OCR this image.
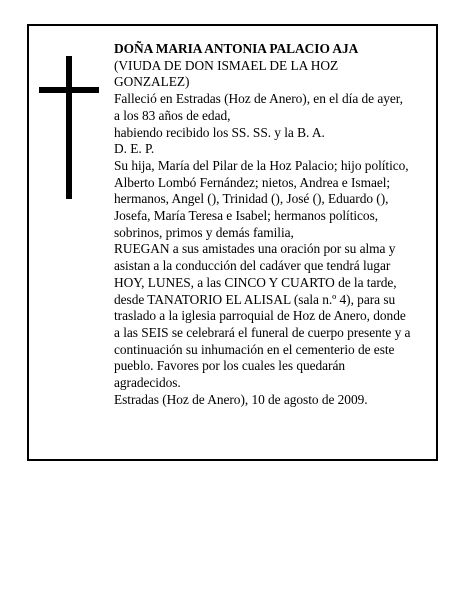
DOÑA MARIA ANTONIA PALACIO AJA
(VIUDA DE DON ISMAEL DE LA HOZ
GONZALEZ)
Falleció en Estradas (Hoz de Anero), en el día de ayer,
a los 83 años de edad,
habiendo recibido los SS. SS. y la B. A.
D. E. P.
Su hija, María del Pilar de la Hoz Palacio; hijo político,
Alberto Lombó Fernández; nietos, Andrea e Ismael;
hermanos, Angel (), Trinidad (), José (), Eduardo (),
Josefa, María Teresa e Isabel; hermanos políticos,
sobrinos, primos y demás familia,
RUEGAN a sus amistades una oración por su alma y
asistan a la conducción del cadáver que tendrá lugar
HOY, LUNES, a las CINCO Y CUARTO de la tarde,
desde TANATORIO EL ALISAL (sala n.º 4), para su
traslado a la iglesia parroquial de Hoz de Anero, donde
a las SEIS se celebrará el funeral de cuerpo presente y a
continuación su inhumación en el cementerio de este
pueblo. Favores por los cuales les quedarán
agradecidos.
Estradas (Hoz de Anero), 10 de agosto de 2009.
